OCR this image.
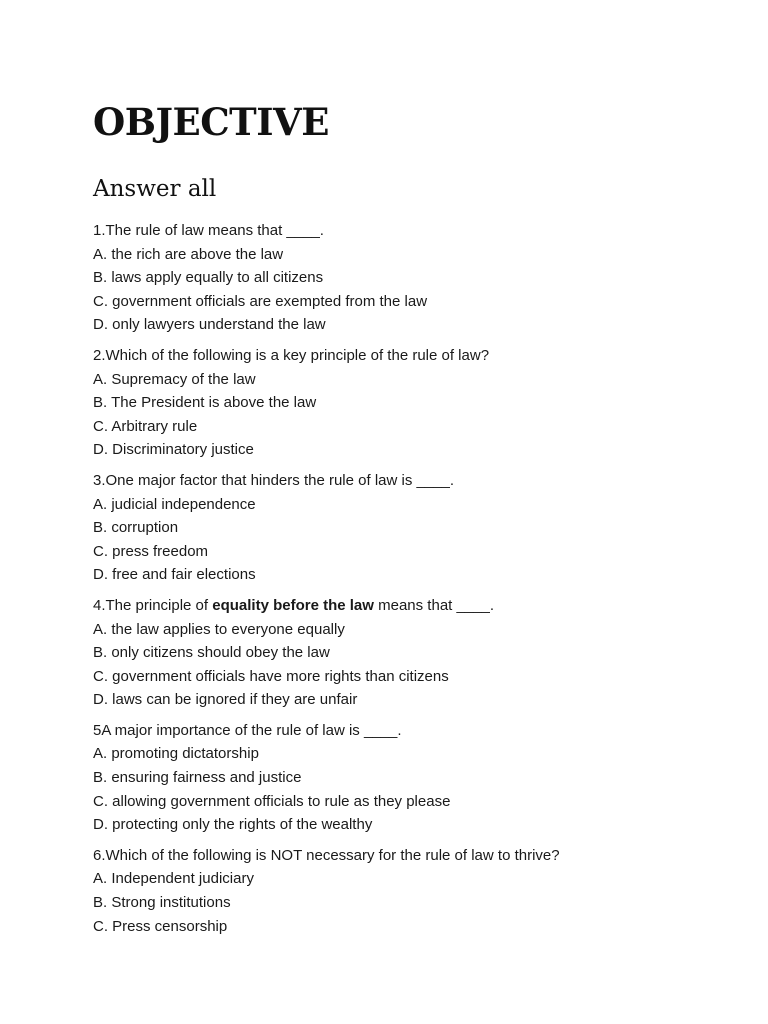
OBJECTIVE
Answer all
1.The rule of law means that ____.
A. the rich are above the law
B. laws apply equally to all citizens
C. government officials are exempted from the law
D. only lawyers understand the law
2.Which of the following is a key principle of the rule of law?
A. Supremacy of the law
B. The President is above the law
C. Arbitrary rule
D. Discriminatory justice
3.One major factor that hinders the rule of law is ____.
A. judicial independence
B. corruption
C. press freedom
D. free and fair elections
4.The principle of equality before the law means that ____.
A. the law applies to everyone equally
B. only citizens should obey the law
C. government officials have more rights than citizens
D. laws can be ignored if they are unfair
5A major importance of the rule of law is ____.
A. promoting dictatorship
B. ensuring fairness and justice
C. allowing government officials to rule as they please
D. protecting only the rights of the wealthy
6.Which of the following is NOT necessary for the rule of law to thrive?
A. Independent judiciary
B. Strong institutions
C. Press censorship
